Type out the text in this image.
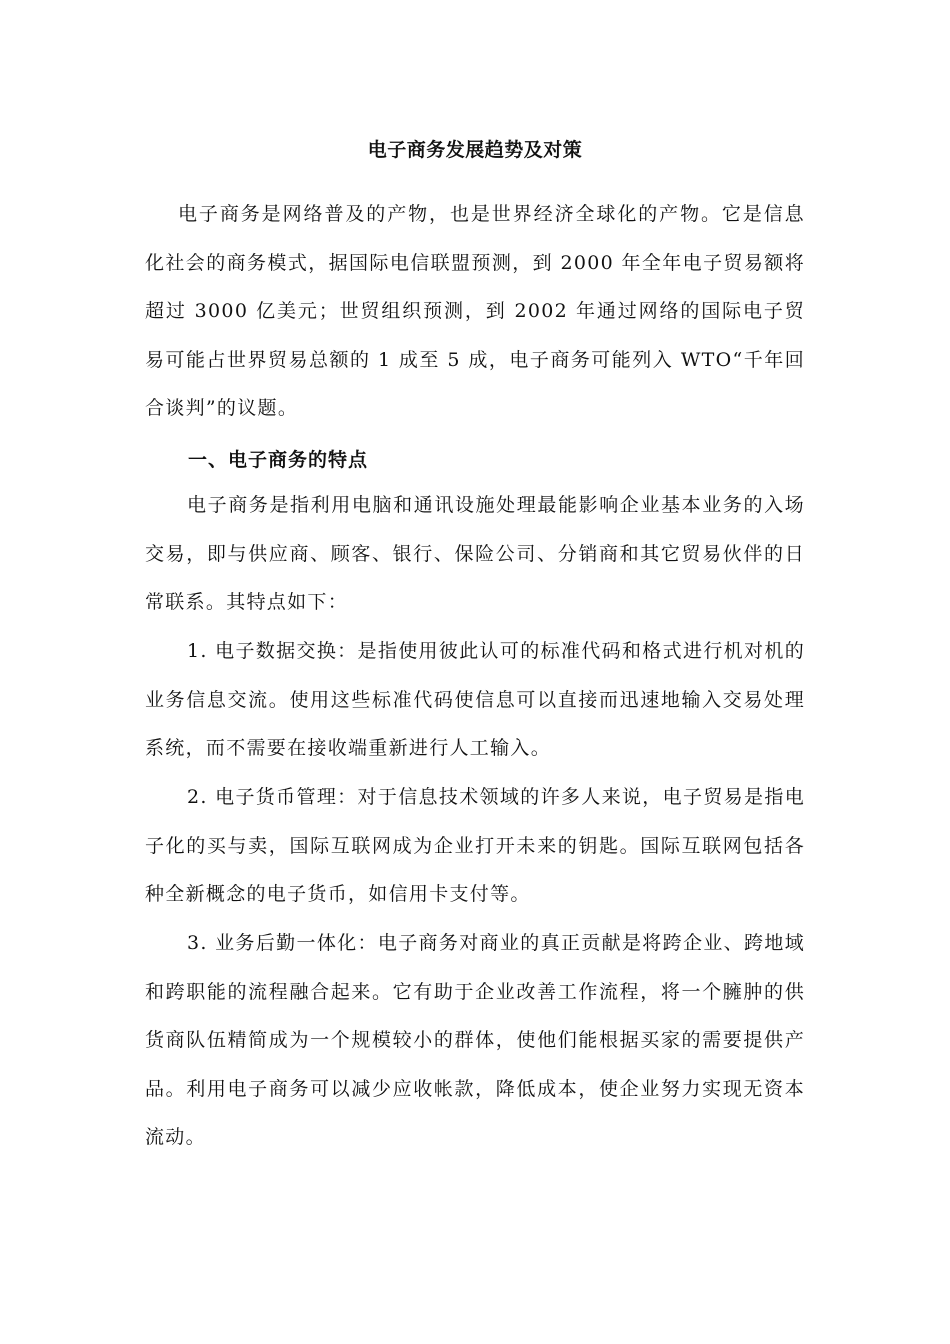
电子商务发展趋势及对策

电子商务是网络普及的产物，也是世界经济全球化的产物。它是信息化社会的商务模式，据国际电信联盟预测，到 2000 年全年电子贸易额将超过 3000 亿美元；世贸组织预测，到 2002 年通过网络的国际电子贸易可能占世界贸易总额的 1 成至 5 成，电子商务可能列入 WTO“千年回合谈判”的议题。

一、电子商务的特点

电子商务是指利用电脑和通讯设施处理最能影响企业基本业务的入场交易，即与供应商、顾客、银行、保险公司、分销商和其它贸易伙伴的日常联系。其特点如下：

1. 电子数据交换：是指使用彼此认可的标准代码和格式进行机对机的业务信息交流。使用这些标准代码使信息可以直接而迅速地输入交易处理系统，而不需要在接收端重新进行人工输入。

2. 电子货币管理：对于信息技术领域的许多人来说，电子贸易是指电子化的买与卖，国际互联网成为企业打开未来的钥匙。国际互联网包括各种全新概念的电子货币，如信用卡支付等。

3. 业务后勤一体化：电子商务对商业的真正贡献是将跨企业、跨地域和跨职能的流程融合起来。它有助于企业改善工作流程，将一个臃肿的供货商队伍精简成为一个规模较小的群体，使他们能根据买家的需要提供产品。利用电子商务可以减少应收帐款，降低成本，使企业努力实现无资本流动。
